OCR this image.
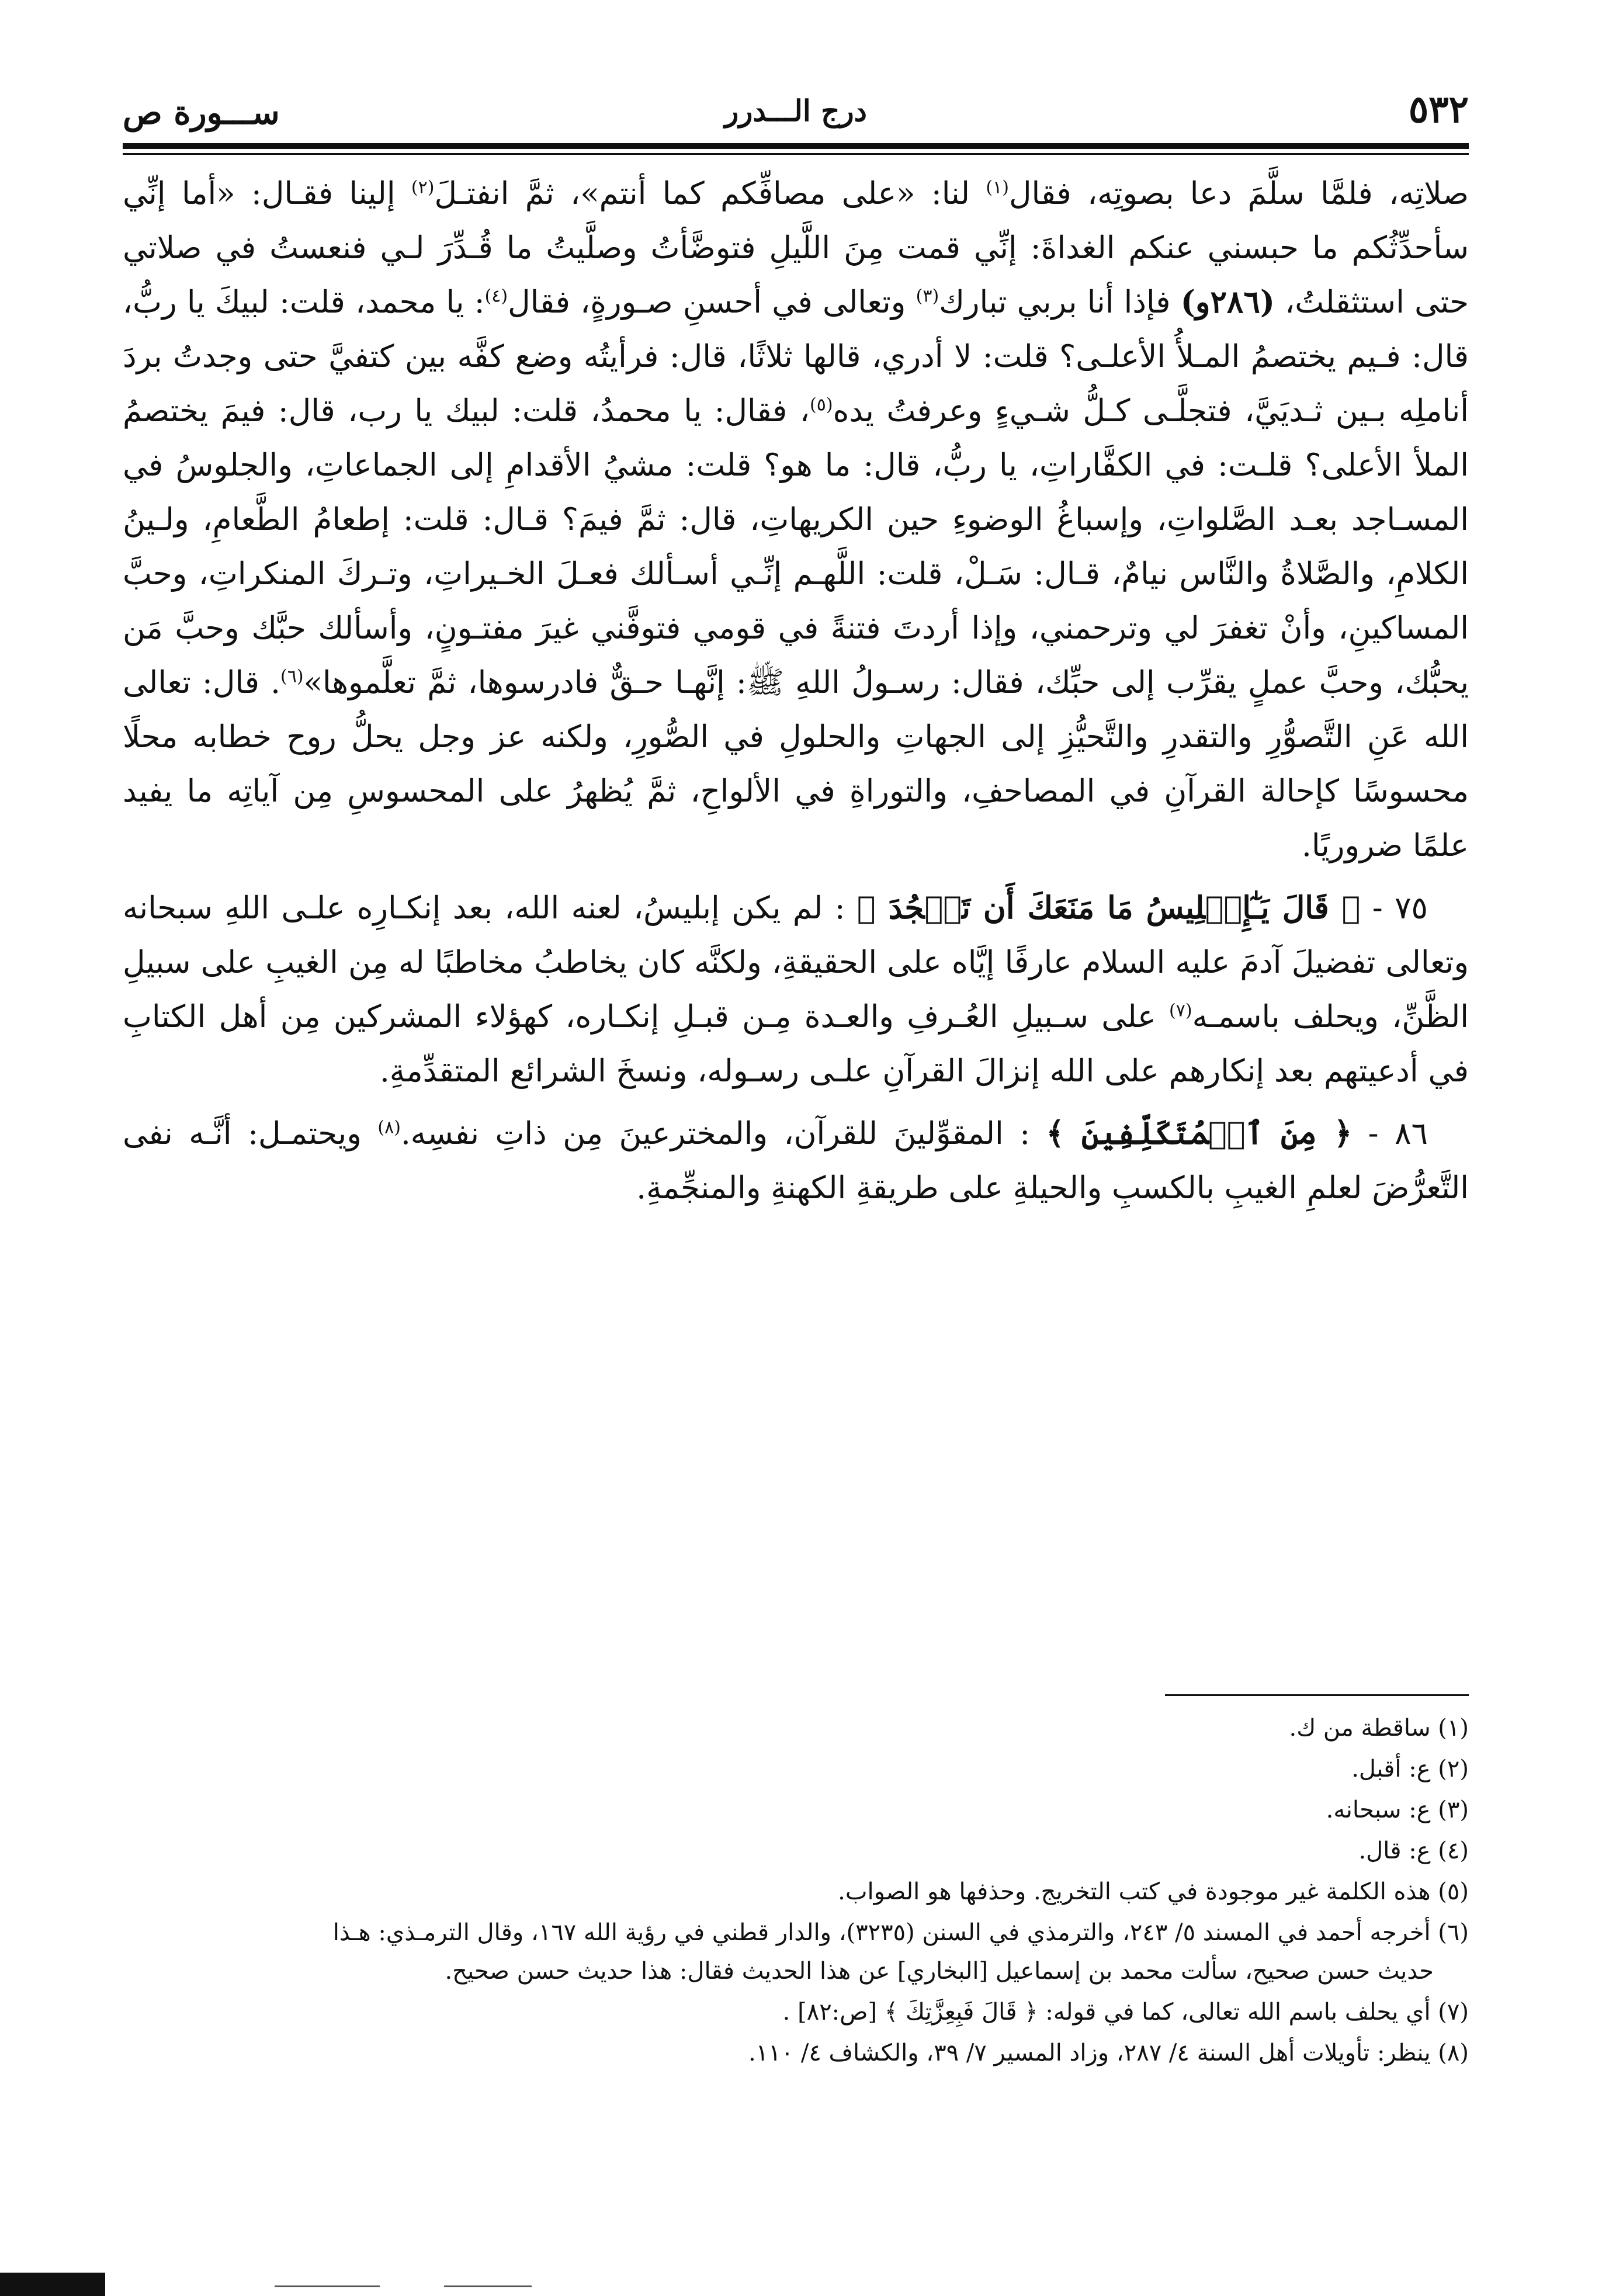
٥٣٢
درج الـــدرر
ســـورة ص

صلاتِه، فلمَّا سلَّمَ دعا بصوتِه، فقال$^{(١)}$ لنا: «على مصافِّكم كما أنتم»، ثمَّ انفتـلَ$^{(٢)}$ إلينا فقـال: «أما إنِّي سأحدِّثُكم ما حبسني عنكم الغداةَ: إنِّي قمت مِنَ اللَّيلِ فتوضَّأتُ وصلَّيتُ ما قُـدِّرَ لـي فنعستُ في صلاتي حتى استثقلتُ، (٢٨٦و) فإذا أنا بربي تبارك$^{(٣)}$ وتعالى في أحسنِ صـورةٍ، فقال$^{(٤)}$: يا محمد، قلت: لبيكَ يا ربُّ، قال: فـيم يختصمُ المـلأُ الأعلـى؟ قلت: لا أدري، قالها ثلاثًا، قال: فرأيتُه وضع كفَّه بين كتفيَّ حتى وجدتُ بردَ أناملِه بـين ثـديَيَّ، فتجلَّـى كـلُّ شـيءٍ وعرفتُ يده$^{(٥)}$، فقال: يا محمدُ، قلت: لبيك يا رب، قال: فيمَ يختصمُ الملأ الأعلى؟ قلـت: في الكفَّاراتِ، يا ربُّ، قال: ما هو؟ قلت: مشيُ الأقدامِ إلى الجماعاتِ، والجلوسُ في المسـاجد بعـد الصَّلواتِ، وإسباغُ الوضوءِ حين الكريهاتِ، قال: ثمَّ فيمَ؟ قـال: قلت: إطعامُ الطَّعامِ، ولـينُ الكلامِ، والصَّلاةُ والنَّاس نيامٌ، قـال: سَـلْ، قلت: اللَّهـم إنِّـي أسـألك فعـلَ الخـيراتِ، وتـركَ المنكراتِ، وحبَّ المساكينِ، وأنْ تغفرَ لي وترحمني، وإذا أردتَ فتنةً في قومي فتوفَّني غيرَ مفتـونٍ، وأسألك حبَّك وحبَّ مَن يحبُّك، وحبَّ عملٍ يقرِّب إلى حبِّك، فقال: رسـولُ اللهِ ﷺ: إنَّهـا حـقٌّ فادرسوها، ثمَّ تعلَّموها»$^{(٦)}$. قال: تعالى الله عَنِ التَّصوُّرِ والتقدرِ والتَّحيُّزِ إلى الجهاتِ والحلولِ في الصُّورِ، ولكنه عز وجل يحلُّ روح خطابه محلًا محسوسًا كإحالة القرآنِ في المصاحفِ، والتوراةِ في الألواحِ، ثمَّ يُظهرُ على المحسوسِ مِن آياتِه ما يفيد علمًا ضروريًا.

٧٥ - ﴿ قَالَ يَـٰٓإِبۡلِيسُ مَا مَنَعَكَ أَن تَسۡجُدَ ﴾ : لم يكن إبليسُ، لعنه الله، بعد إنكـارِه علـى اللهِ سبحانه وتعالى تفضيلَ آدمَ عليه السلام عارفًا إيَّاه على الحقيقةِ، ولكنَّه كان يخاطبُ مخاطبًا له مِن الغيبِ على سبيلِ الظَّنِّ، ويحلف باسمـه$^{(٧)}$ على سـبيلِ العُـرفِ والعـدة مِـن قبـلِ إنكـاره، كهؤلاء المشركين مِن أهل الكتابِ في أدعيتهم بعد إنكارهم على الله إنزالَ القرآنِ علـى رسـوله، ونسخَ الشرائع المتقدِّمةِ.

٨٦ - ﴿ مِنَ ٱلۡمُتَكَلِّفِينَ ﴾ : المقوِّلينَ للقرآن، والمخترعينَ مِن ذاتِ نفسِه.$^{(٨)}$ ويحتمـل: أنَّـه نفى التَّعرُّضَ لعلمِ الغيبِ بالكسبِ والحيلةِ على طريقةِ الكهنةِ والمنجِّمةِ.

(١) ساقطة من ك.
(٢) ع: أقبل.
(٣) ع: سبحانه.
(٤) ع: قال.
(٥) هذه الكلمة غير موجودة في كتب التخريج. وحذفها هو الصواب.
(٦) أخرجه أحمد في المسند ٥/ ٢٤٣، والترمذي في السنن (٣٢٣٥)، والدار قطني في رؤية الله ١٦٧، وقال الترمـذي: هـذا
حديث حسن صحيح، سألت محمد بن إسماعيل [البخاري] عن هذا الحديث فقال: هذا حديث حسن صحيح.
(٧) أي يحلف باسم الله تعالى، كما في قوله: ﴿ قَالَ فَبِعِزَّتِكَ ﴾ [ص:٨٢] .
(٨) ينظر: تأويلات أهل السنة ٤/ ٢٨٧، وزاد المسير ٧/ ٣٩، والكشاف ٤/ ١١٠.
